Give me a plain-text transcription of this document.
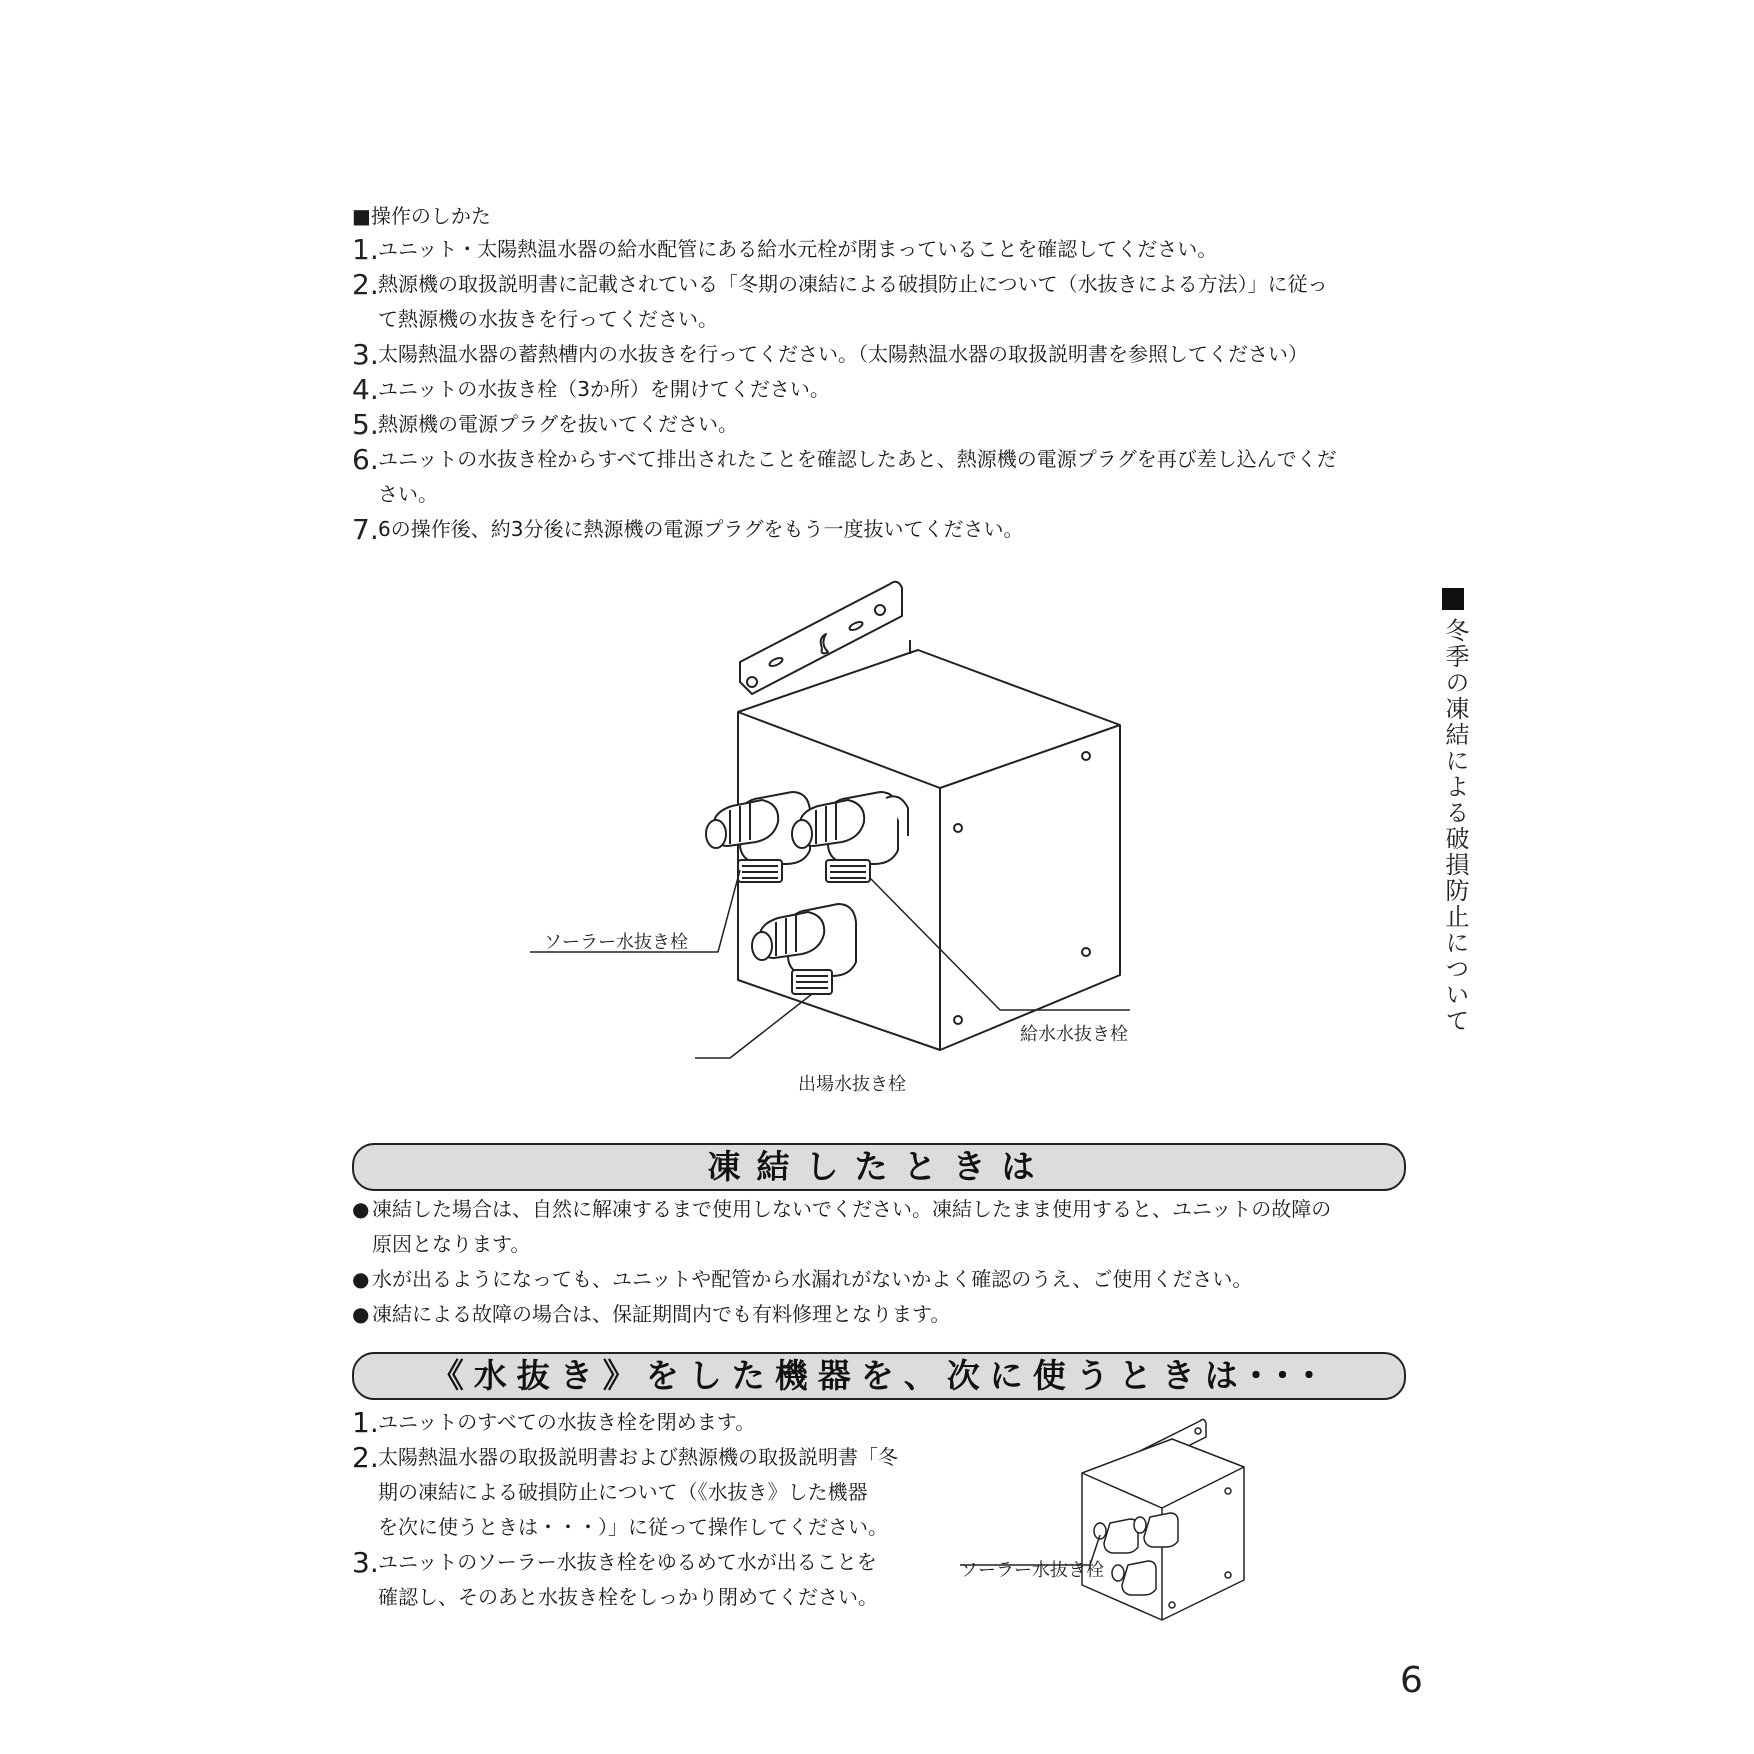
■操作のしかた
1.ユニット・太陽熱温水器の給水配管にある給水元栓が閉まっていることを確認してください。
2.熱源機の取扱説明書に記載されている「冬期の凍結による破損防止について（水抜きによる方法）」に従っ
て熱源機の水抜きを行ってください。
3.太陽熱温水器の蓄熱槽内の水抜きを行ってください。（太陽熱温水器の取扱説明書を参照してください）
4.ユニットの水抜き栓（3か所）を開けてください。
5.熱源機の電源プラグを抜いてください。
6.ユニットの水抜き栓からすべて排出されたことを確認したあと、熱源機の電源プラグを再び差し込んでくだ
さい。
7.6の操作後、約3分後に熱源機の電源プラグをもう一度抜いてください。
ソーラー水抜き栓
給水水抜き栓
出場水抜き栓
凍結したときは
● 凍結した場合は、自然に解凍するまで使用しないでください。凍結したまま使用すると、ユニットの故障の
原因となります。
● 水が出るようになっても、ユニットや配管から水漏れがないかよく確認のうえ、ご使用ください。
● 凍結による故障の場合は、保証期間内でも有料修理となります。
《水抜き》をした機器を、次に使うときは･･･
1.ユニットのすべての水抜き栓を閉めます。
2.太陽熱温水器の取扱説明書および熱源機の取扱説明書「冬
期の凍結による破損防止について（《水抜き》した機器
を次に使うときは・・・）」に従って操作してください。
3.ユニットのソーラー水抜き栓をゆるめて水が出ることを
確認し、そのあと水抜き栓をしっかり閉めてください。
ソーラー水抜き栓
冬季の凍結による破損防止について
6
